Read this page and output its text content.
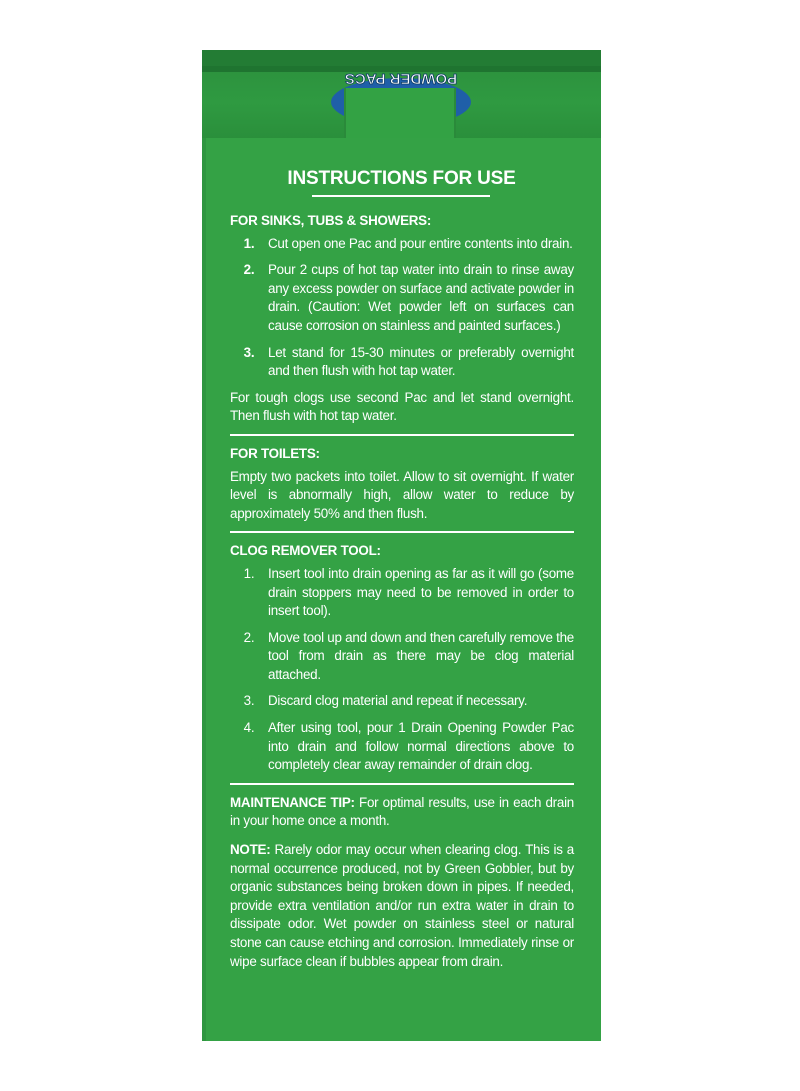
POWDER PACS
INSTRUCTIONS FOR USE
FOR SINKS, TUBS & SHOWERS:
1.	Cut open one Pac and pour entire contents into drain.
2.	Pour 2 cups of hot tap water into drain to rinse away any excess powder on surface and activate powder in drain. (Caution: Wet powder left on surfaces can cause corrosion on stainless and painted surfaces.)
3.	Let stand for 15-30 minutes or preferably overnight and then flush with hot tap water.

For tough clogs use second Pac and let stand overnight. Then flush with hot tap water.

FOR TOILETS:

Empty two packets into toilet. Allow to sit overnight. If water level is abnormally high, allow water to reduce by approximately 50% and then flush.

CLOG REMOVER TOOL:
1.	Insert tool into drain opening as far as it will go (some drain stoppers may need to be removed in order to insert tool).
2.	Move tool up and down and then carefully remove the tool from drain as there may be clog material attached.
3.	Discard clog material and repeat if necessary.
4.	After using tool, pour 1 Drain Opening Powder Pac into drain and follow normal directions above to completely clear away remainder of drain clog.

MAINTENANCE TIP: For optimal results, use in each drain in your home once a month.

NOTE: Rarely odor may occur when clearing clog. This is a normal occurrence produced, not by Green Gobbler, but by organic substances being broken down in pipes. If needed, provide extra ventilation and/or run extra water in drain to dissipate odor. Wet powder on stainless steel or natural stone can cause etching and corrosion. Immediately rinse or wipe surface clean if bubbles appear from drain.
